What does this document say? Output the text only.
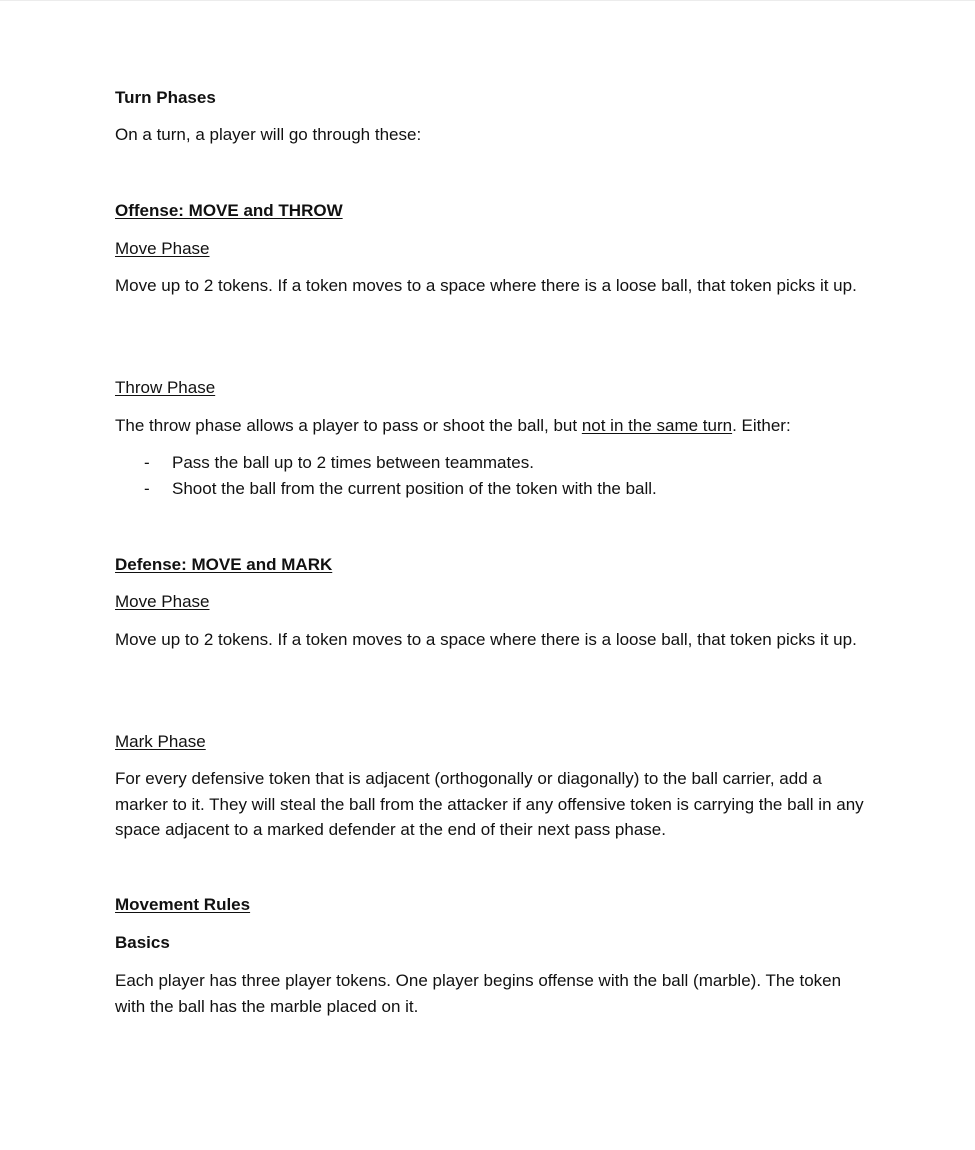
Turn Phases

On a turn, a player will go through these:

Offense: MOVE and THROW

Move Phase

Move up to 2 tokens. If a token moves to a space where there is a loose ball, that token picks it up.

Throw Phase

The throw phase allows a player to pass or shoot the ball, but not in the same turn. Either:

- Pass the ball up to 2 times between teammates.
- Shoot the ball from the current position of the token with the ball.

Defense: MOVE and MARK

Move Phase

Move up to 2 tokens. If a token moves to a space where there is a loose ball, that token picks it up.

Mark Phase

For every defensive token that is adjacent (orthogonally or diagonally) to the ball carrier, add a marker to it. They will steal the ball from the attacker if any offensive token is carrying the ball in any space adjacent to a marked defender at the end of their next pass phase.

Movement Rules

Basics

Each player has three player tokens. One player begins offense with the ball (marble). The token with the ball has the marble placed on it.
